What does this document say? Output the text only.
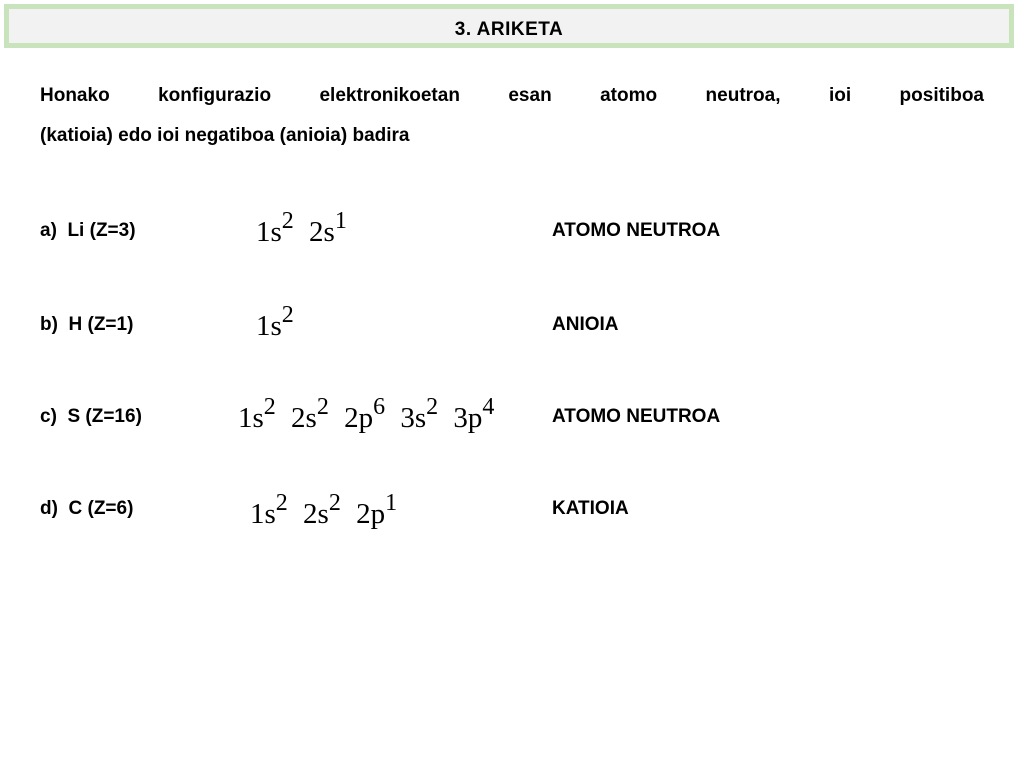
3. ARIKETA
Honako konfigurazio elektronikoetan esan atomo neutroa, ioi positiboa
(katioia) edo ioi negatiboa (anioia) badira
a)  Li (Z=3)	$1s^2$ $2s^1$	ATOMO NEUTROA
b)  H (Z=1)	$1s^2$	ANIOIA
c)  S (Z=16)	$1s^2$ $2s^2$ $2p^6$ $3s^2$ $3p^4$	ATOMO NEUTROA
d)  C (Z=6)	$1s^2$ $2s^2$ $2p^1$	KATIOIA
